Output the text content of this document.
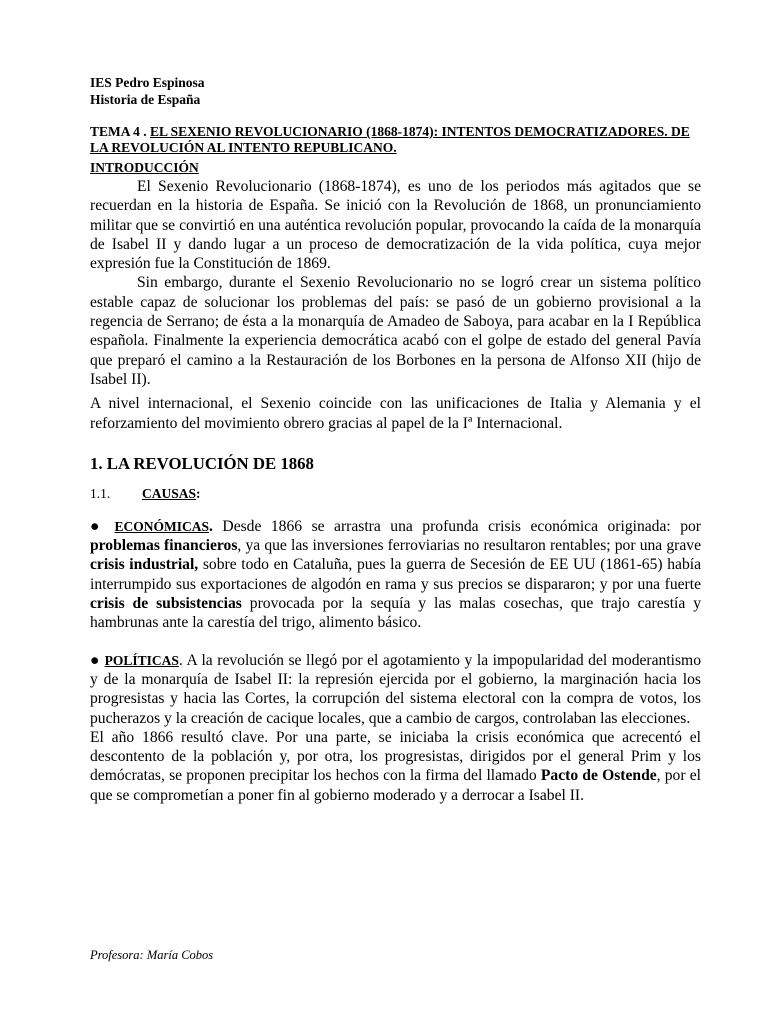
IES Pedro Espinosa
Historia de España
TEMA 4 . EL SEXENIO REVOLUCIONARIO (1868-1874): INTENTOS DEMOCRATIZADORES. DE LA REVOLUCIÓN AL INTENTO REPUBLICANO.
INTRODUCCIÓN

El Sexenio Revolucionario (1868-1874), es uno de los periodos más agitados que se recuerdan en la historia de España. Se inició con la Revolución de 1868, un pronunciamiento militar que se convirtió en una auténtica revolución popular, provocando la caída de la monarquía de Isabel II y dando lugar a un proceso de democratización de la vida política, cuya mejor expresión fue la Constitución de 1869.

Sin embargo, durante el Sexenio Revolucionario no se logró crear un sistema político estable capaz de solucionar los problemas del país: se pasó de un gobierno provisional a la regencia de Serrano; de ésta a la monarquía de Amadeo de Saboya, para acabar en la I República española. Finalmente la experiencia democrática acabó con el golpe de estado del general Pavía que preparó el camino a la Restauración de los Borbones en la persona de Alfonso XII (hijo de Isabel II).

A nivel internacional, el Sexenio coincide con las unificaciones de Italia y Alemania y el reforzamiento del movimiento obrero gracias al papel de la Iª Internacional.

1. LA REVOLUCIÓN DE 1868
1.1. CAUSAS:

● ECONÓMICAS. Desde 1866 se arrastra una profunda crisis económica originada: por problemas financieros, ya que las inversiones ferroviarias no resultaron rentables; por una grave crisis industrial, sobre todo en Cataluña, pues la guerra de Secesión de EE UU (1861-65) había interrumpido sus exportaciones de algodón en rama y sus precios se dispararon; y por una fuerte crisis de subsistencias provocada por la sequía y las malas cosechas, que trajo carestía y hambrunas ante la carestía del trigo, alimento básico.

● POLÍTICAS. A la revolución se llegó por el agotamiento y la impopularidad del moderantismo y de la monarquía de Isabel II: la represión ejercida por el gobierno, la marginación hacia los progresistas y hacia las Cortes, la corrupción del sistema electoral con la compra de votos, los pucherazos y la creación de cacique locales, que a cambio de cargos, controlaban las elecciones.

El año 1866 resultó clave. Por una parte, se iniciaba la crisis económica que acrecentó el descontento de la población y, por otra, los progresistas, dirigidos por el general Prim y los demócratas, se proponen precipitar los hechos con la firma del llamado Pacto de Ostende, por el que se comprometían a poner fin al gobierno moderado y a derrocar a Isabel II.

Profesora: María Cobos
